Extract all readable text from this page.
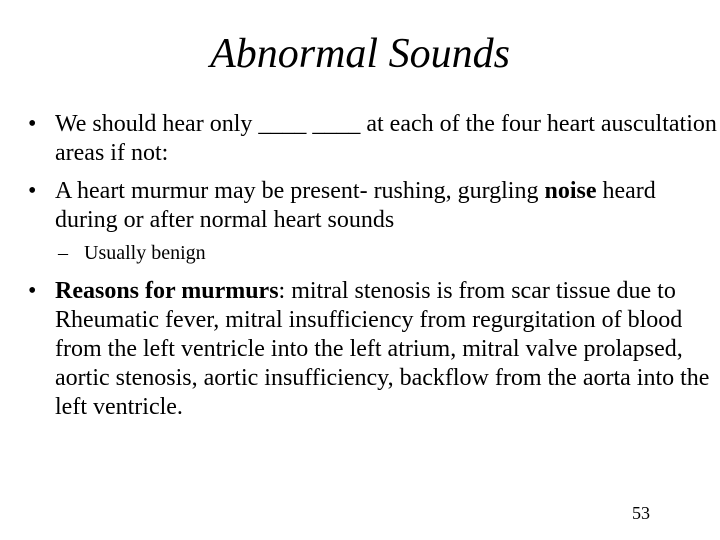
Abnormal Sounds
• We should hear only ____ ____ at each of the four heart auscultation areas if not:
• A heart murmur may be present- rushing, gurgling noise heard during or after normal heart sounds
– Usually benign
• Reasons for murmurs: mitral stenosis is from scar tissue due to Rheumatic fever, mitral insufficiency from regurgitation of blood from the left ventricle into the left atrium, mitral valve prolapsed, aortic stenosis, aortic insufficiency, backflow from the aorta into the left ventricle.
53
